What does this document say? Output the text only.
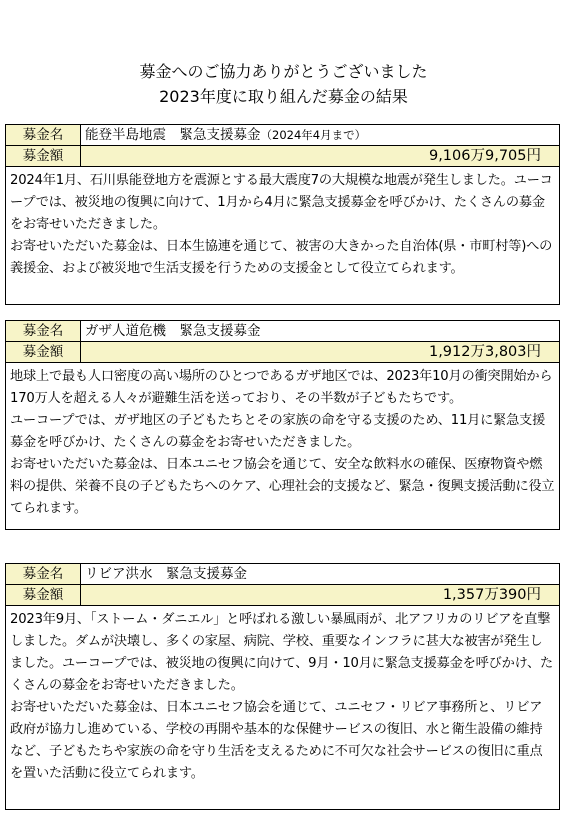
募金へのご協力ありがとうございました
2023年度に取り組んだ募金の結果
募金名	能登半島地震　緊急支援募金（2024年4月まで）
募金額	9,106万9,705円

2024年1月、石川県能登地方を震源とする最大震度7の大規模な地震が発生しました。ユーコープでは、被災地の復興に向けて、1月から4月に緊急支援募金を呼びかけ、たくさんの募金をお寄せいただきました。

お寄せいただいた募金は、日本生協連を通じて、被害の大きかった自治体(県・市町村等)への義援金、および被災地で生活支援を行うための支援金として役立てられます。

募金名	ガザ人道危機　緊急支援募金
募金額	1,912万3,803円

地球上で最も人口密度の高い場所のひとつであるガザ地区では、2023年10月の衝突開始から170万人を超える人々が避難生活を送っており、その半数が子どもたちです。

ユーコープでは、ガザ地区の子どもたちとその家族の命を守る支援のため、11月に緊急支援募金を呼びかけ、たくさんの募金をお寄せいただきました。

お寄せいただいた募金は、日本ユニセフ協会を通じて、安全な飲料水の確保、医療物資や燃料の提供、栄養不良の子どもたちへのケア、心理社会的支援など、緊急・復興支援活動に役立てられます。

募金名	リビア洪水　緊急支援募金
募金額	1,357万390円

2023年9月、「ストーム・ダニエル」と呼ばれる激しい暴風雨が、北アフリカのリビアを直撃しました。ダムが決壊し、多くの家屋、病院、学校、重要なインフラに甚大な被害が発生しました。ユーコープでは、被災地の復興に向けて、9月・10月に緊急支援募金を呼びかけ、たくさんの募金をお寄せいただきました。

お寄せいただいた募金は、日本ユニセフ協会を通じて、ユニセフ・リビア事務所と、リビア政府が協力し進めている、学校の再開や基本的な保健サービスの復旧、水と衛生設備の維持など、子どもたちや家族の命を守り生活を支えるために不可欠な社会サービスの復旧に重点を置いた活動に役立てられます。
